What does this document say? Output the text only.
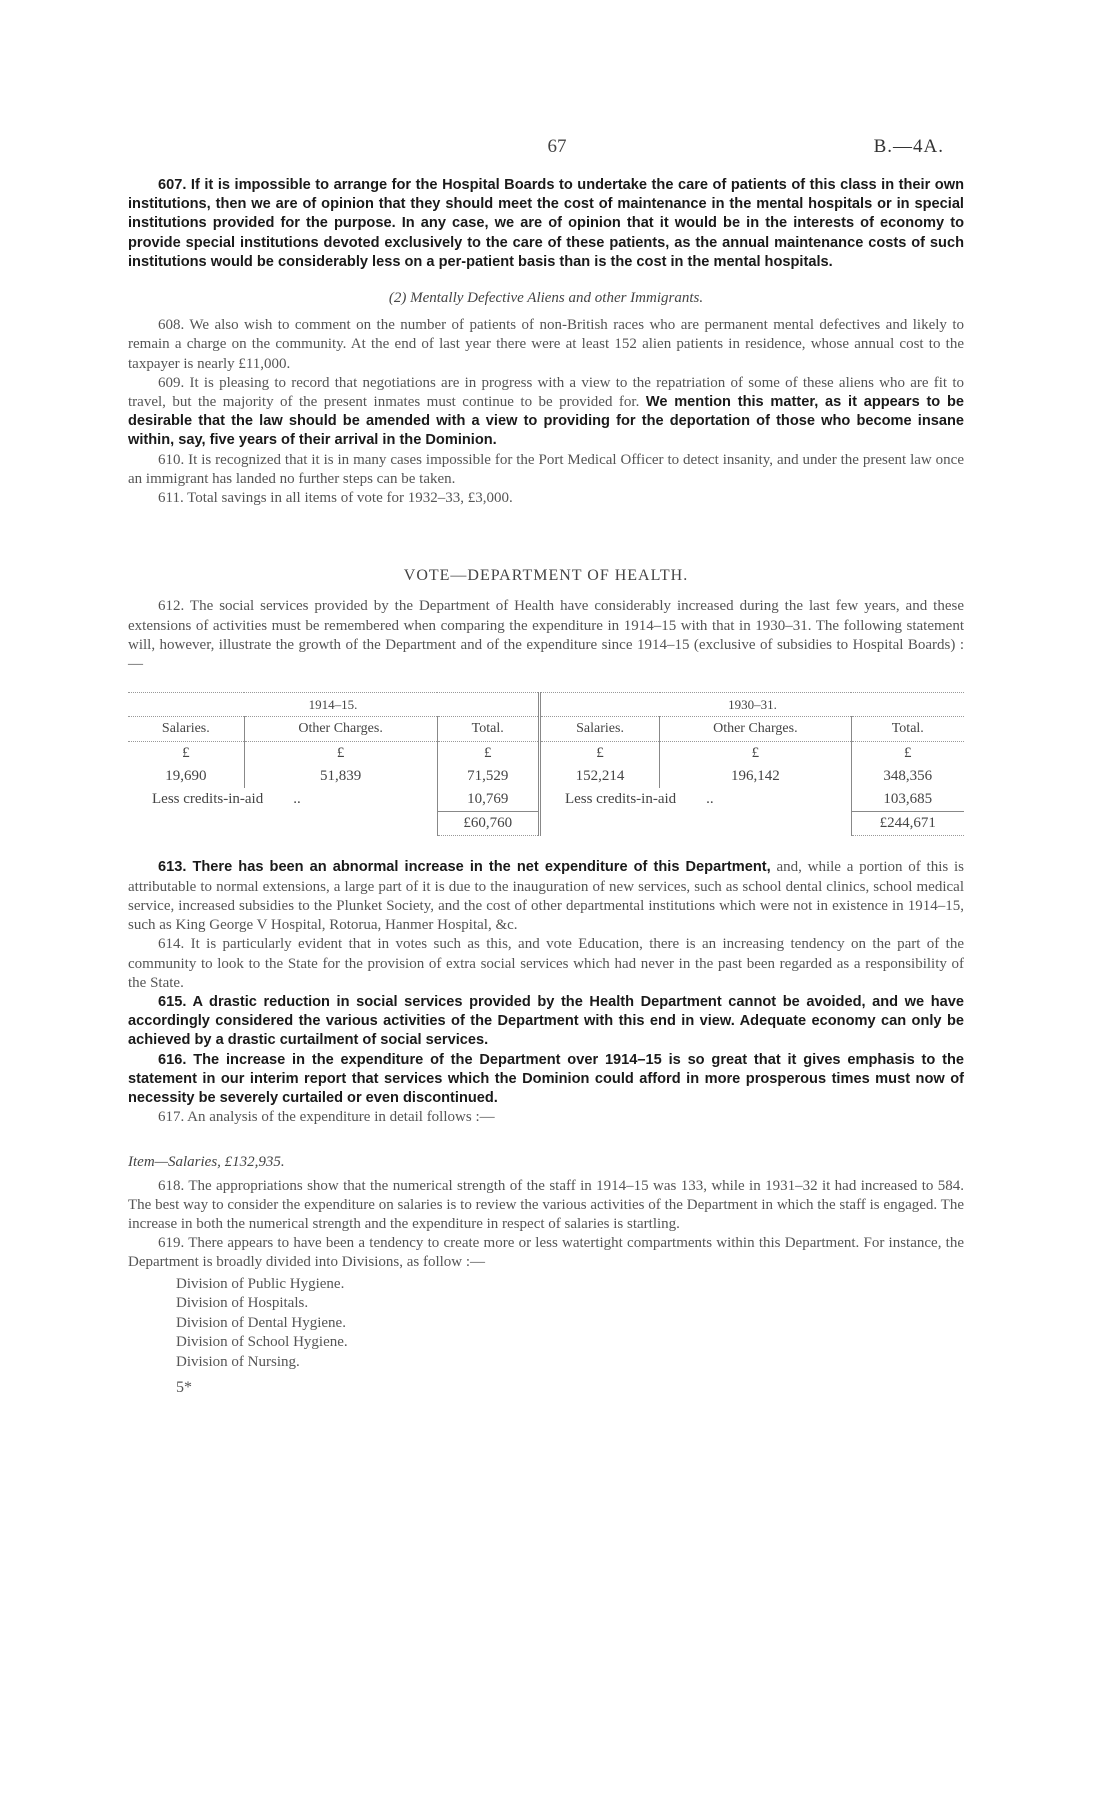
67	B.—4A.

607. If it is impossible to arrange for the Hospital Boards to undertake the care of patients of this class in their own institutions, then we are of opinion that they should meet the cost of maintenance in the mental hospitals or in special institutions provided for the purpose. In any case, we are of opinion that it would be in the interests of economy to provide special institutions devoted exclusively to the care of these patients, as the annual maintenance costs of such institutions would be considerably less on a per-patient basis than is the cost in the mental hospitals.

(2) Mentally Defective Aliens and other Immigrants.

608. We also wish to comment on the number of patients of non-British races who are permanent mental defectives and likely to remain a charge on the community. At the end of last year there were at least 152 alien patients in residence, whose annual cost to the taxpayer is nearly £11,000.

609. It is pleasing to record that negotiations are in progress with a view to the repatriation of some of these aliens who are fit to travel, but the majority of the present inmates must continue to be provided for. We mention this matter, as it appears to be desirable that the law should be amended with a view to providing for the deportation of those who become insane within, say, five years of their arrival in the Dominion.

610. It is recognized that it is in many cases impossible for the Port Medical Officer to detect insanity, and under the present law once an immigrant has landed no further steps can be taken.

611. Total savings in all items of vote for 1932–33, £3,000.

VOTE—DEPARTMENT OF HEALTH.

612. The social services provided by the Department of Health have considerably increased during the last few years, and these extensions of activities must be remembered when comparing the expenditure in 1914–15 with that in 1930–31. The following statement will, however, illustrate the growth of the Department and of the expenditure since 1914–15 (exclusive of subsidies to Hospital Boards) :—

1914–15.			1930–31.		
Salaries.	Other Charges.	Total.	Salaries.	Other Charges.	Total.
£	£	£	£	£	£
19,690	51,839	71,529	152,214	196,142	348,356
Less credits-in-aid ..		10,769	Less credits-in-aid ..		103,685
		£60,760			£244,671

613. There has been an abnormal increase in the net expenditure of this Department, and, while a portion of this is attributable to normal extensions, a large part of it is due to the inauguration of new services, such as school dental clinics, school medical service, increased subsidies to the Plunket Society, and the cost of other departmental institutions which were not in existence in 1914–15, such as King George V Hospital, Rotorua, Hanmer Hospital, &c.

614. It is particularly evident that in votes such as this, and vote Education, there is an increasing tendency on the part of the community to look to the State for the provision of extra social services which had never in the past been regarded as a responsibility of the State.

615. A drastic reduction in social services provided by the Health Department cannot be avoided, and we have accordingly considered the various activities of the Department with this end in view. Adequate economy can only be achieved by a drastic curtailment of social services.

616. The increase in the expenditure of the Department over 1914–15 is so great that it gives emphasis to the statement in our interim report that services which the Dominion could afford in more prosperous times must now of necessity be severely curtailed or even discontinued.

617. An analysis of the expenditure in detail follows :—

Item—Salaries, £132,935.

618. The appropriations show that the numerical strength of the staff in 1914–15 was 133, while in 1931–32 it had increased to 584. The best way to consider the expenditure on salaries is to review the various activities of the Department in which the staff is engaged. The increase in both the numerical strength and the expenditure in respect of salaries is startling.

619. There appears to have been a tendency to create more or less watertight compartments within this Department. For instance, the Department is broadly divided into Divisions, as follow :—

Division of Public Hygiene.
Division of Hospitals.
Division of Dental Hygiene.
Division of School Hygiene.
Division of Nursing.
5*
